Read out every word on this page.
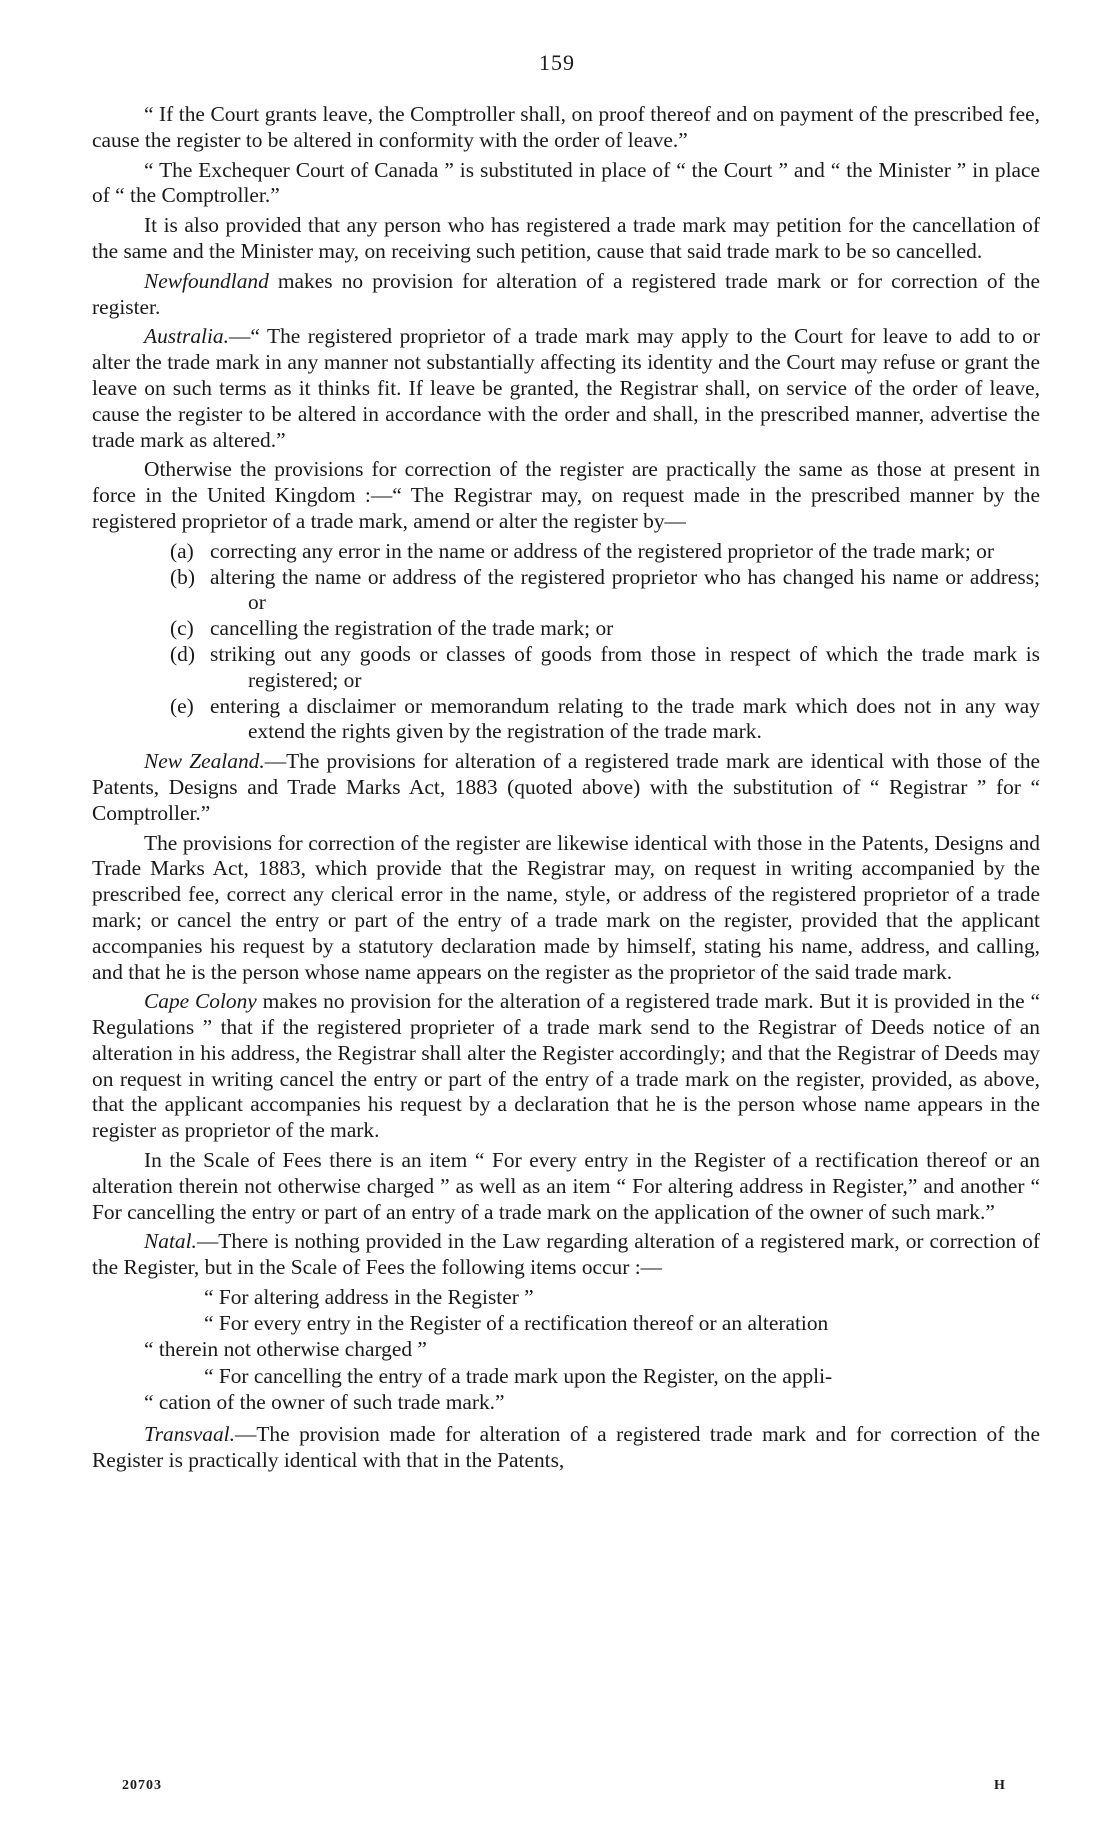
159

“ If the Court grants leave, the Comptroller shall, on proof thereof and on payment of the prescribed fee, cause the register to be altered in conformity with the order of leave.”

“ The Exchequer Court of Canada ” is substituted in place of “ the Court ” and “ the Minister ” in place of “ the Comptroller.”

It is also provided that any person who has registered a trade mark may petition for the cancellation of the same and the Minister may, on receiving such petition, cause that said trade mark to be so cancelled.

Newfoundland makes no provision for alteration of a registered trade mark or for correction of the register.

Australia.—“ The registered proprietor of a trade mark may apply to the Court for leave to add to or alter the trade mark in any manner not substantially affecting its identity and the Court may refuse or grant the leave on such terms as it thinks fit. If leave be granted, the Registrar shall, on service of the order of leave, cause the register to be altered in accordance with the order and shall, in the prescribed manner, advertise the trade mark as altered.”

Otherwise the provisions for correction of the register are practically the same as those at present in force in the United Kingdom :—“ The Registrar may, on request made in the prescribed manner by the registered proprietor of a trade mark, amend or alter the register by—

(a) correcting any error in the name or address of the registered proprietor of the trade mark; or
(b) altering the name or address of the registered proprietor who has changed his name or address; or
(c) cancelling the registration of the trade mark; or
(d) striking out any goods or classes of goods from those in respect of which the trade mark is registered; or
(e) entering a disclaimer or memorandum relating to the trade mark which does not in any way extend the rights given by the registration of the trade mark.

New Zealand.—The provisions for alteration of a registered trade mark are identical with those of the Patents, Designs and Trade Marks Act, 1883 (quoted above) with the substitution of “ Registrar ” for “ Comptroller.”

The provisions for correction of the register are likewise identical with those in the Patents, Designs and Trade Marks Act, 1883, which provide that the Registrar may, on request in writing accompanied by the prescribed fee, correct any clerical error in the name, style, or address of the registered proprietor of a trade mark; or cancel the entry or part of the entry of a trade mark on the register, provided that the applicant accompanies his request by a statutory declaration made by himself, stating his name, address, and calling, and that he is the person whose name appears on the register as the proprietor of the said trade mark.

Cape Colony makes no provision for the alteration of a registered trade mark. But it is provided in the “ Regulations ” that if the registered proprieter of a trade mark send to the Registrar of Deeds notice of an alteration in his address, the Registrar shall alter the Register accordingly; and that the Registrar of Deeds may on request in writing cancel the entry or part of the entry of a trade mark on the register, provided, as above, that the applicant accompanies his request by a declaration that he is the person whose name appears in the register as proprietor of the mark.

In the Scale of Fees there is an item “ For every entry in the Register of a rectification thereof or an alteration therein not otherwise charged ” as well as an item “ For altering address in Register,” and another “ For cancelling the entry or part of an entry of a trade mark on the application of the owner of such mark.”

Natal.—There is nothing provided in the Law regarding alteration of a registered mark, or correction of the Register, but in the Scale of Fees the following items occur :—

“ For altering address in the Register ”
“ For every entry in the Register of a rectification thereof or an alteration
“ therein not otherwise charged ”
“ For cancelling the entry of a trade mark upon the Register, on the appli-
“ cation of the owner of such trade mark.”

Transvaal.—The provision made for alteration of a registered trade mark and for correction of the Register is practically identical with that in the Patents,

20703	H
